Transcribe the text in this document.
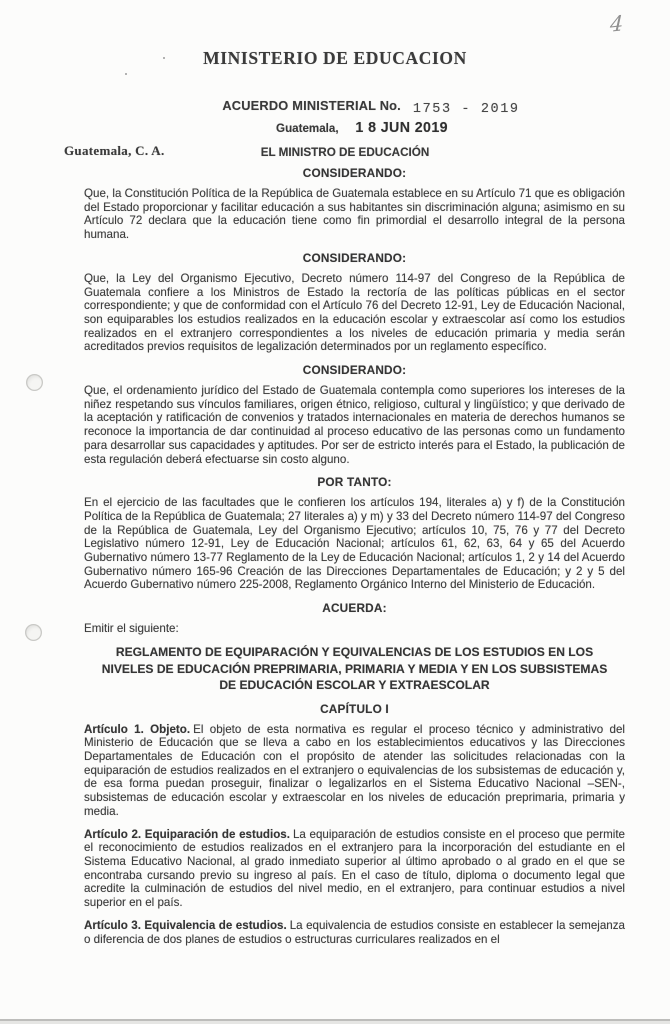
4
MINISTERIO DE EDUCACION
ACUERDO MINISTERIAL No. 1753 - 2019
Guatemala, 1 8 JUN 2019
Guatemala, C. A.	EL MINISTRO DE EDUCACIÓN
CONSIDERANDO:

Que, la Constitución Política de la República de Guatemala establece en su Artículo 71 que es obligación del Estado proporcionar y facilitar educación a sus habitantes sin discriminación alguna; asimismo en su Artículo 72 declara que la educación tiene como fin primordial el desarrollo integral de la persona humana.

CONSIDERANDO:

Que, la Ley del Organismo Ejecutivo, Decreto número 114-97 del Congreso de la República de Guatemala confiere a los Ministros de Estado la rectoría de las políticas públicas en el sector correspondiente; y que de conformidad con el Artículo 76 del Decreto 12-91, Ley de Educación Nacional, son equiparables los estudios realizados en la educación escolar y extraescolar así como los estudios realizados en el extranjero correspondientes a los niveles de educación primaria y media serán acreditados previos requisitos de legalización determinados por un reglamento específico.

CONSIDERANDO:

Que, el ordenamiento jurídico del Estado de Guatemala contempla como superiores los intereses de la niñez respetando sus vínculos familiares, origen étnico, religioso, cultural y lingüístico; y que derivado de la aceptación y ratificación de convenios y tratados internacionales en materia de derechos humanos se reconoce la importancia de dar continuidad al proceso educativo de las personas como un fundamento para desarrollar sus capacidades y aptitudes. Por ser de estricto interés para el Estado, la publicación de esta regulación deberá efectuarse sin costo alguno.

POR TANTO:

En el ejercicio de las facultades que le confieren los artículos 194, literales a) y f) de la Constitución Política de la República de Guatemala; 27 literales a) y m) y 33 del Decreto número 114-97 del Congreso de la República de Guatemala, Ley del Organismo Ejecutivo; artículos 10, 75, 76 y 77 del Decreto Legislativo número 12-91, Ley de Educación Nacional; artículos 61, 62, 63, 64 y 65 del Acuerdo Gubernativo número 13-77 Reglamento de la Ley de Educación Nacional; artículos 1, 2 y 14 del Acuerdo Gubernativo número 165-96 Creación de las Direcciones Departamentales de Educación; y 2 y 5 del Acuerdo Gubernativo número 225-2008, Reglamento Orgánico Interno del Ministerio de Educación.

ACUERDA:

Emitir el siguiente:

REGLAMENTO DE EQUIPARACIÓN Y EQUIVALENCIAS DE LOS ESTUDIOS EN LOS NIVELES DE EDUCACIÓN PREPRIMARIA, PRIMARIA Y MEDIA Y EN LOS SUBSISTEMAS DE EDUCACIÓN ESCOLAR Y EXTRAESCOLAR
CAPÍTULO I

Artículo 1. Objeto. El objeto de esta normativa es regular el proceso técnico y administrativo del Ministerio de Educación que se lleva a cabo en los establecimientos educativos y las Direcciones Departamentales de Educación con el propósito de atender las solicitudes relacionadas con la equiparación de estudios realizados en el extranjero o equivalencias de los subsistemas de educación y, de esa forma puedan proseguir, finalizar o legalizarlos en el Sistema Educativo Nacional –SEN-, subsistemas de educación escolar y extraescolar en los niveles de educación preprimaria, primaria y media.

Artículo 2. Equiparación de estudios. La equiparación de estudios consiste en el proceso que permite el reconocimiento de estudios realizados en el extranjero para la incorporación del estudiante en el Sistema Educativo Nacional, al grado inmediato superior al último aprobado o al grado en el que se encontraba cursando previo su ingreso al país. En el caso de título, diploma o documento legal que acredite la culminación de estudios del nivel medio, en el extranjero, para continuar estudios a nivel superior en el país.

Artículo 3. Equivalencia de estudios. La equivalencia de estudios consiste en establecer la semejanza o diferencia de dos planes de estudios o estructuras curriculares realizados en el
